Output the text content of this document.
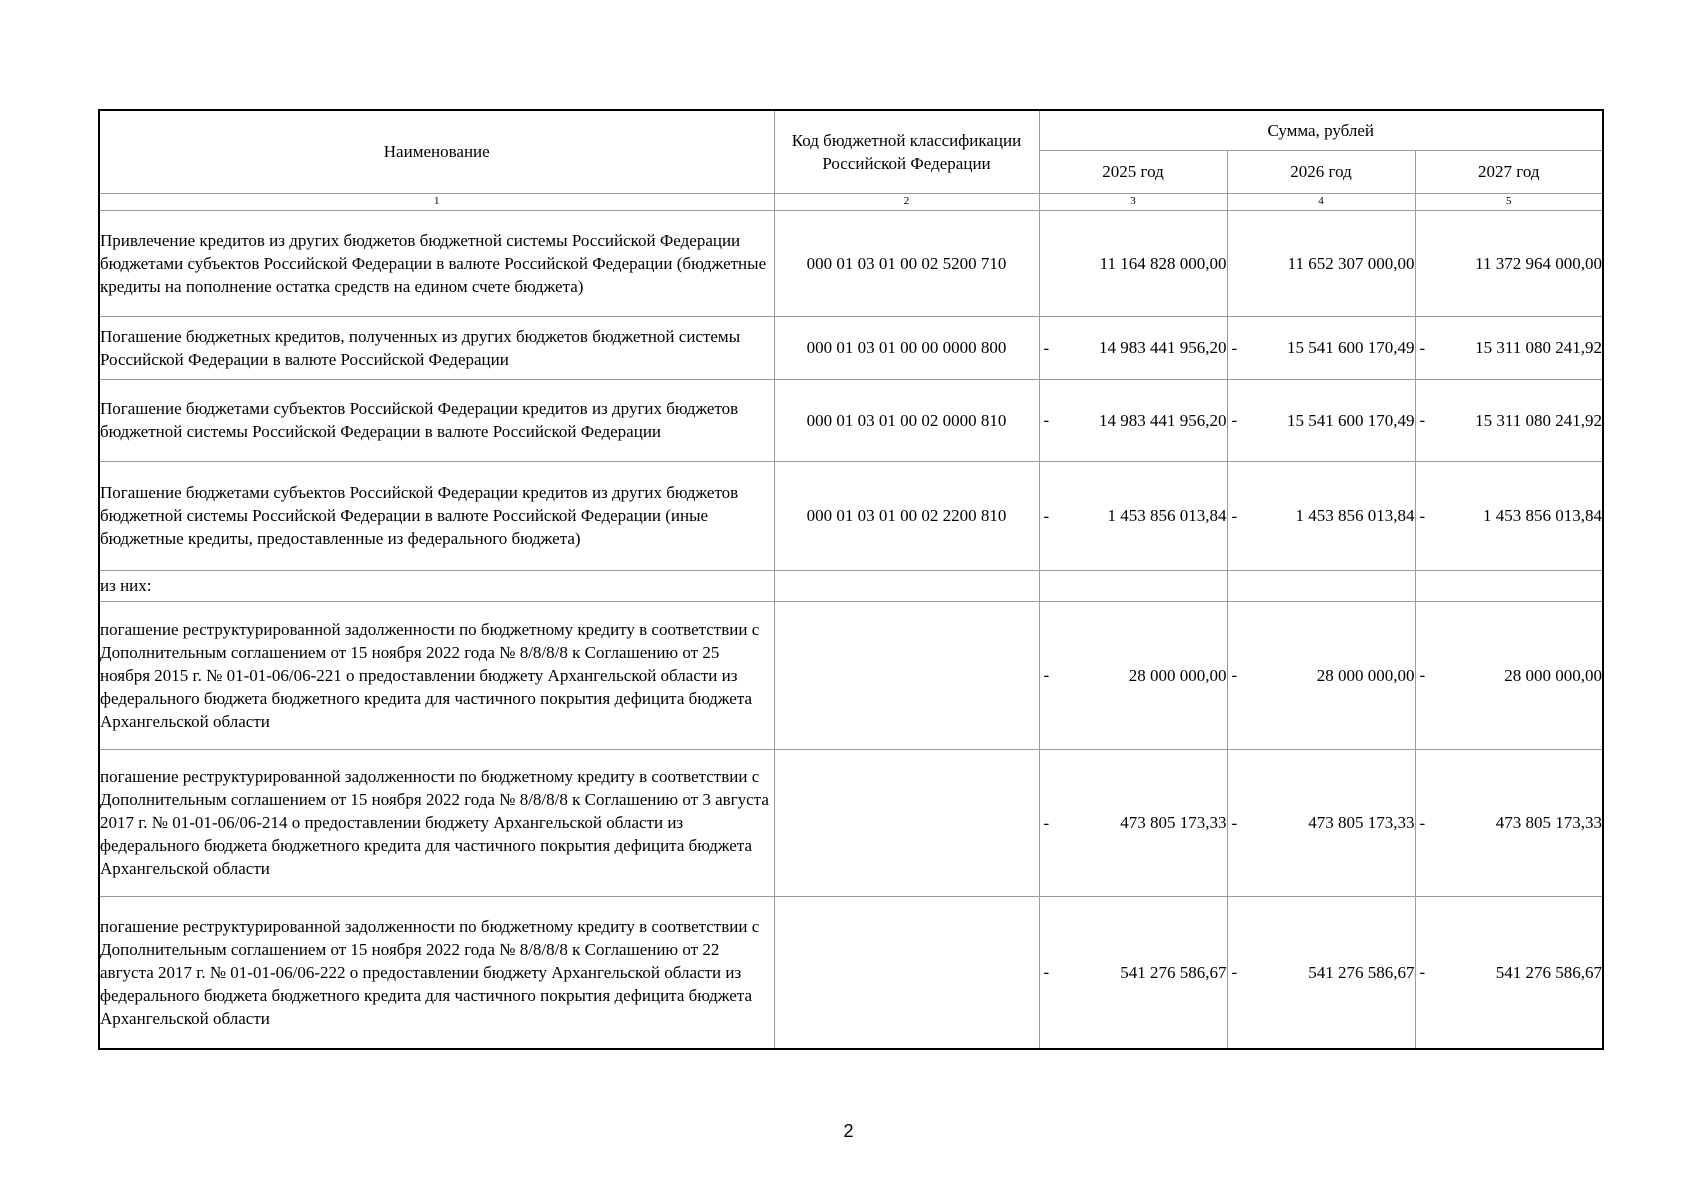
Наименование	Код бюджетной классификации Российской Федерации	Сумма, рублей		
		2025 год	2026 год	2027 год
1	2	3	4	5

Привлечение кредитов из других бюджетов бюджетной системы Российской Федерации бюджетами субъектов Российской Федерации в валюте Российской Федерации (бюджетные кредиты на пополнение остатка средств на едином счете бюджета)	000 01 03 01 00 02 5200 710	11 164 828 000,00	11 652 307 000,00	11 372 964 000,00

Погашение бюджетных кредитов, полученных из других бюджетов бюджетной системы Российской Федерации в валюте Российской Федерации	000 01 03 01 00 00 0000 800	- 14 983 441 956,20	- 15 541 600 170,49	- 15 311 080 241,92

Погашение бюджетами субъектов Российской Федерации кредитов из других бюджетов бюджетной системы Российской Федерации в валюте Российской Федерации	000 01 03 01 00 02 0000 810	- 14 983 441 956,20	- 15 541 600 170,49	- 15 311 080 241,92

Погашение бюджетами субъектов Российской Федерации кредитов из других бюджетов бюджетной системы Российской Федерации в валюте Российской Федерации (иные бюджетные кредиты, предоставленные из федерального бюджета)	000 01 03 01 00 02 2200 810	- 1 453 856 013,84	- 1 453 856 013,84	- 1 453 856 013,84

из них:				

погашение реструктурированной задолженности по бюджетному кредиту в соответствии с Дополнительным соглашением от 15 ноября 2022 года № 8/8/8/8 к Соглашению от 25 ноября 2015 г. № 01-01-06/06-221 о предоставлении бюджету Архангельской области из федерального бюджета бюджетного кредита для частичного покрытия дефицита бюджета Архангельской области		- 28 000 000,00	- 28 000 000,00	- 28 000 000,00

погашение реструктурированной задолженности по бюджетному кредиту в соответствии с Дополнительным соглашением от 15 ноября 2022 года № 8/8/8/8 к Соглашению от 3 августа 2017 г. № 01-01-06/06-214 о предоставлении бюджету Архангельской области из федерального бюджета бюджетного кредита для частичного покрытия дефицита бюджета Архангельской области		- 473 805 173,33	- 473 805 173,33	- 473 805 173,33

погашение реструктурированной задолженности по бюджетному кредиту в соответствии с Дополнительным соглашением от 15 ноября 2022 года № 8/8/8/8 к Соглашению от 22 августа 2017 г. № 01-01-06/06-222 о предоставлении бюджету Архангельской области из федерального бюджета бюджетного кредита для частичного покрытия дефицита бюджета Архангельской области		- 541 276 586,67	- 541 276 586,67	- 541 276 586,67
2
